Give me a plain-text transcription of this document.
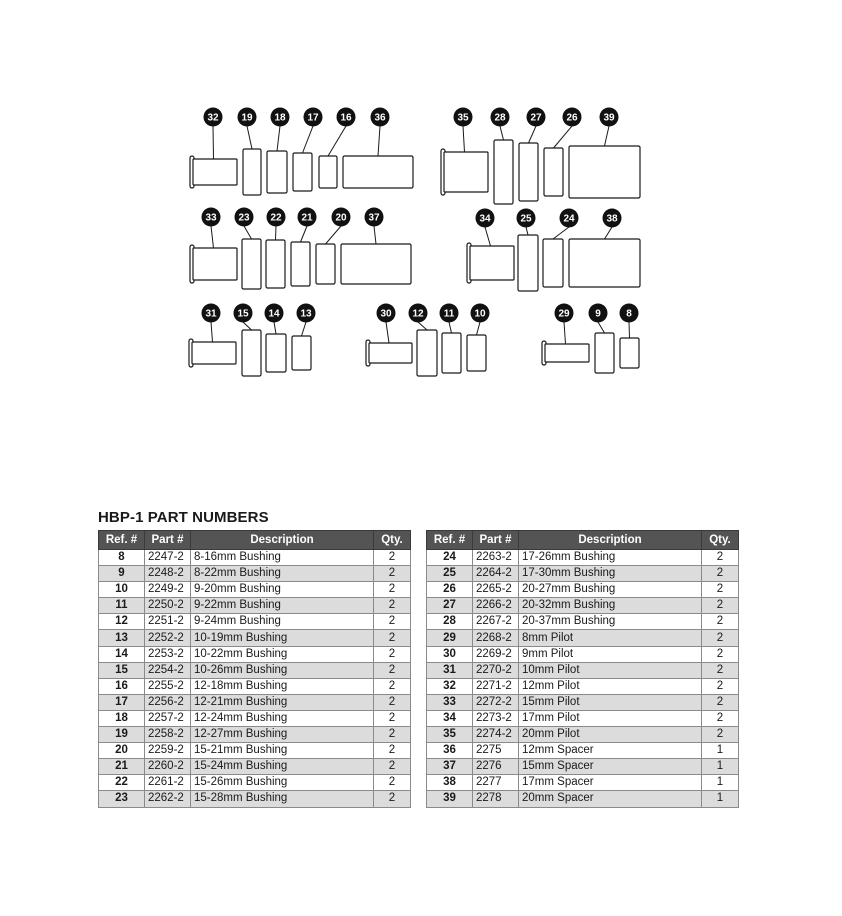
32 19 18 17 16 36	35	28 27 26	39
33 23 22 21 20 37	34	25	24	38
31 15 14 13	30 12 11 10	29	9	8
HBP-1 PART NUMBERS
Ref. #	Part #	Description	Qty.
8	2247-2	8-16mm Bushing	2
9	2248-2	8-22mm Bushing	2
10	2249-2	9-20mm Bushing	2
11	2250-2	9-22mm Bushing	2
12	2251-2	9-24mm Bushing	2
13	2252-2	10-19mm Bushing	2
14	2253-2	10-22mm Bushing	2
15	2254-2	10-26mm Bushing	2
16	2255-2	12-18mm Bushing	2
17	2256-2	12-21mm Bushing	2
18	2257-2	12-24mm Bushing	2
19	2258-2	12-27mm Bushing	2
20	2259-2	15-21mm Bushing	2
21	2260-2	15-24mm Bushing	2
22	2261-2	15-26mm Bushing	2
23	2262-2	15-28mm Bushing	2
Ref. #	Part #	Description	Qty.
24	2263-2	17-26mm Bushing	2
25	2264-2	17-30mm Bushing	2
26	2265-2	20-27mm Bushing	2
27	2266-2	20-32mm Bushing	2
28	2267-2	20-37mm Bushing	2
29	2268-2	8mm Pilot	2
30	2269-2	9mm Pilot	2
31	2270-2	10mm Pilot	2
32	2271-2	12mm Pilot	2
33	2272-2	15mm Pilot	2
34	2273-2	17mm Pilot	2
35	2274-2	20mm Pilot	2
36	2275	12mm Spacer	1
37	2276	15mm Spacer	1
38	2277	17mm Spacer	1
39	2278	20mm Spacer	1
